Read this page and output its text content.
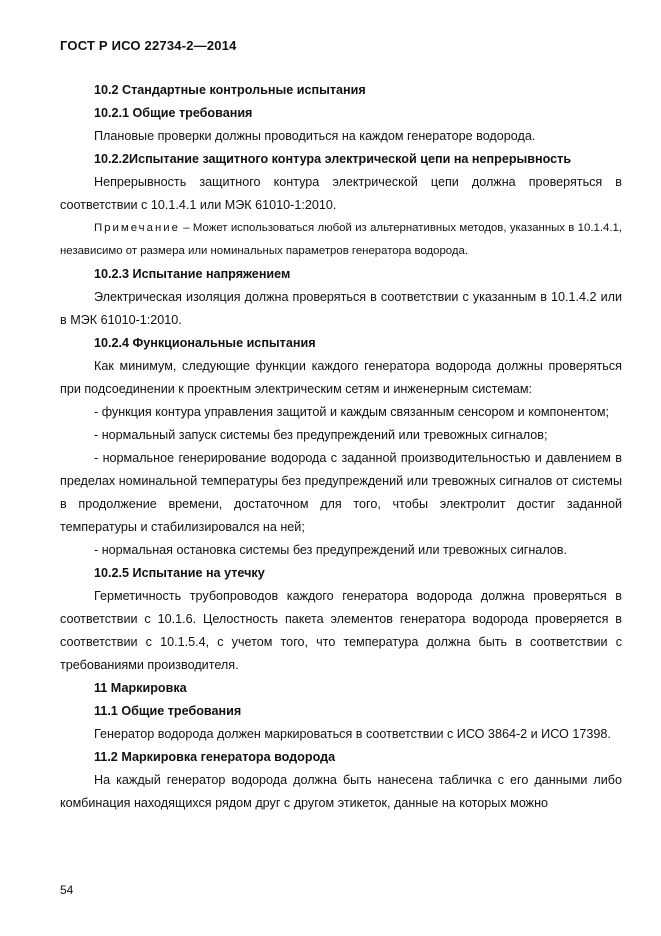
ГОСТ Р ИСО 22734-2—2014

10.2 Стандартные контрольные испытания

10.2.1 Общие требования

Плановые проверки должны проводиться на каждом генераторе водорода.

10.2.2Испытание защитного контура электрической цепи на непрерывность

Непрерывность защитного контура электрической цепи должна проверяться в соответствии с 10.1.4.1 или МЭК 61010-1:2010.

Примечание – Может использоваться любой из альтернативных методов, указанных в 10.1.4.1, независимо от размера или номинальных параметров генератора водорода.

10.2.3 Испытание напряжением

Электрическая изоляция должна проверяться в соответствии с указанным в 10.1.4.2 или в МЭК 61010-1:2010.

10.2.4 Функциональные испытания

Как минимум, следующие функции каждого генератора водорода должны проверяться при подсоединении к проектным электрическим сетям и инженерным системам:

- функция контура управления защитой и каждым связанным сенсором и компонентом;

- нормальный запуск системы без предупреждений или тревожных сигналов;

- нормальное генерирование водорода с заданной производительностью и давлением в пределах номинальной температуры без предупреждений или тревожных сигналов от системы в продолжение времени, достаточном для того, чтобы электролит достиг заданной температуры и стабилизировался на ней;

- нормальная остановка системы без предупреждений или тревожных сигналов.

10.2.5 Испытание на утечку

Герметичность трубопроводов каждого генератора водорода должна проверяться в соответствии с 10.1.6. Целостность пакета элементов генератора водорода проверяется в соответствии с 10.1.5.4, с учетом того, что температура должна быть в соответствии с требованиями производителя.

11 Маркировка

11.1 Общие требования

Генератор водорода должен маркироваться в соответствии с ИСО 3864-2 и ИСО 17398.

11.2 Маркировка генератора водорода

На каждый генератор водорода должна быть нанесена табличка с его данными либо комбинация находящихся рядом друг с другом этикеток, данные на которых можно

54
